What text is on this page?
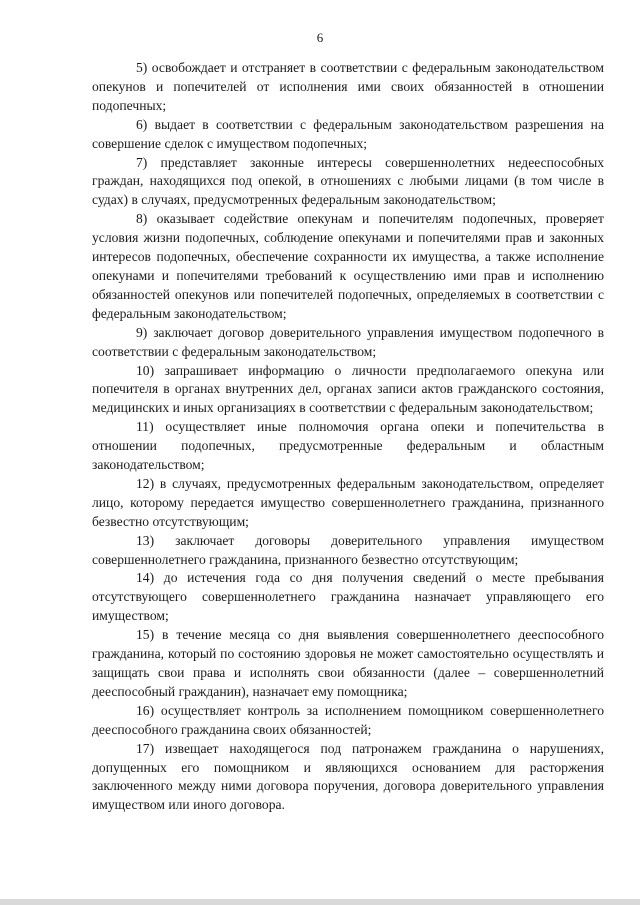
6

5) освобождает и отстраняет в соответствии с федеральным законодательством опекунов и попечителей от исполнения ими своих обязанностей в отношении подопечных;

6) выдает в соответствии с федеральным законодательством разрешения на совершение сделок с имуществом подопечных;

7) представляет законные интересы совершеннолетних недееспособных граждан, находящихся под опекой, в отношениях с любыми лицами (в том числе в судах) в случаях, предусмотренных федеральным законодательством;

8) оказывает содействие опекунам и попечителям подопечных, проверяет условия жизни подопечных, соблюдение опекунами и попечителями прав и законных интересов подопечных, обеспечение сохранности их имущества, а также исполнение опекунами и попечителями требований к осуществлению ими прав и исполнению обязанностей опекунов или попечителей подопечных, определяемых в соответствии с федеральным законодательством;

9) заключает договор доверительного управления имуществом подопечного в соответствии с федеральным законодательством;

10) запрашивает информацию о личности предполагаемого опекуна или попечителя в органах внутренних дел, органах записи актов гражданского состояния, медицинских и иных организациях в соответствии с федеральным законодательством;

11) осуществляет иные полномочия органа опеки и попечительства в отношении подопечных, предусмотренные федеральным и областным законодательством;

12) в случаях, предусмотренных федеральным законодательством, определяет лицо, которому передается имущество совершеннолетнего гражданина, признанного безвестно отсутствующим;

13) заключает договоры доверительного управления имуществом совершеннолетнего гражданина, признанного безвестно отсутствующим;

14) до истечения года со дня получения сведений о месте пребывания отсутствующего совершеннолетнего гражданина назначает управляющего его имуществом;

15) в течение месяца со дня выявления совершеннолетнего дееспособного гражданина, который по состоянию здоровья не может самостоятельно осуществлять и защищать свои права и исполнять свои обязанности (далее – совершеннолетний дееспособный гражданин), назначает ему помощника;

16) осуществляет контроль за исполнением помощником совершеннолетнего дееспособного гражданина своих обязанностей;

17) извещает находящегося под патронажем гражданина о нарушениях, допущенных его помощником и являющихся основанием для расторжения заключенного между ними договора поручения, договора доверительного управления имуществом или иного договора.
